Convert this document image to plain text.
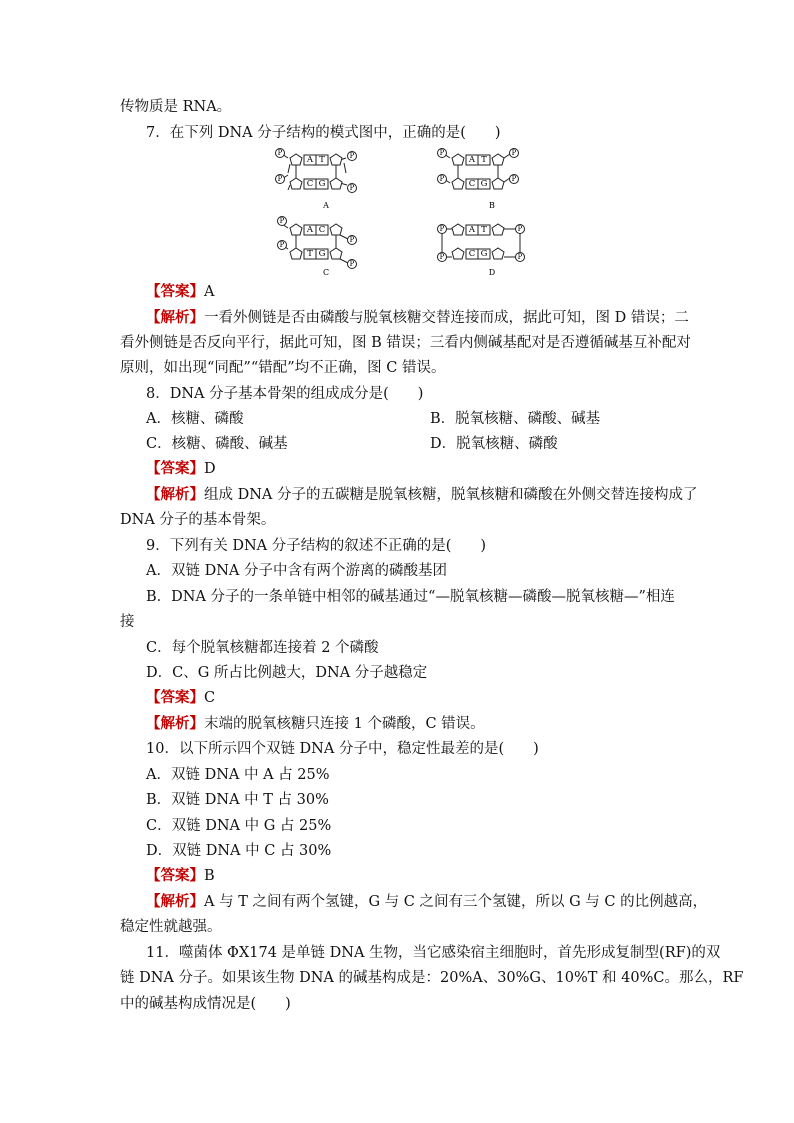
传物质是 RNA。
7．在下列 DNA 分子结构的模式图中，正确的是(　　)
P
P
P
P
A T
C G
A
P
P
P
P
A T
C G
B
P
P
P
P
A C
T G
C
P
P
P
P
A T
C G
D
【答案】A
【解析】一看外侧链是否由磷酸与脱氧核糖交替连接而成，据此可知，图 D 错误；二
看外侧链是否反向平行，据此可知，图 B 错误；三看内侧碱基配对是否遵循碱基互补配对
原则，如出现“同配”“错配”均不正确，图 C 错误。
8．DNA 分子基本骨架的组成成分是(　　)
A．核糖、磷酸	B．脱氧核糖、磷酸、碱基
C．核糖、磷酸、碱基	D．脱氧核糖、磷酸
【答案】D
【解析】组成 DNA 分子的五碳糖是脱氧核糖，脱氧核糖和磷酸在外侧交替连接构成了
DNA 分子的基本骨架。
9．下列有关 DNA 分子结构的叙述不正确的是(　　)
A．双链 DNA 分子中含有两个游离的磷酸基团
B．DNA 分子的一条单链中相邻的碱基通过“—脱氧核糖—磷酸—脱氧核糖—”相连
接
C．每个脱氧核糖都连接着 2 个磷酸
D．C、G 所占比例越大，DNA 分子越稳定
【答案】C
【解析】末端的脱氧核糖只连接 1 个磷酸，C 错误。
10．以下所示四个双链 DNA 分子中，稳定性最差的是(　　)
A．双链 DNA 中 A 占 25%
B．双链 DNA 中 T 占 30%
C．双链 DNA 中 G 占 25%
D．双链 DNA 中 C 占 30%
【答案】B
【解析】A 与 T 之间有两个氢键，G 与 C 之间有三个氢键，所以 G 与 C 的比例越高，
稳定性就越强。
11．噬菌体 ΦX174 是单链 DNA 生物，当它感染宿主细胞时，首先形成复制型(RF)的双
链 DNA 分子。如果该生物 DNA 的碱基构成是：20%A、30%G、10%T 和 40%C。那么，RF
中的碱基构成情况是(　　)
